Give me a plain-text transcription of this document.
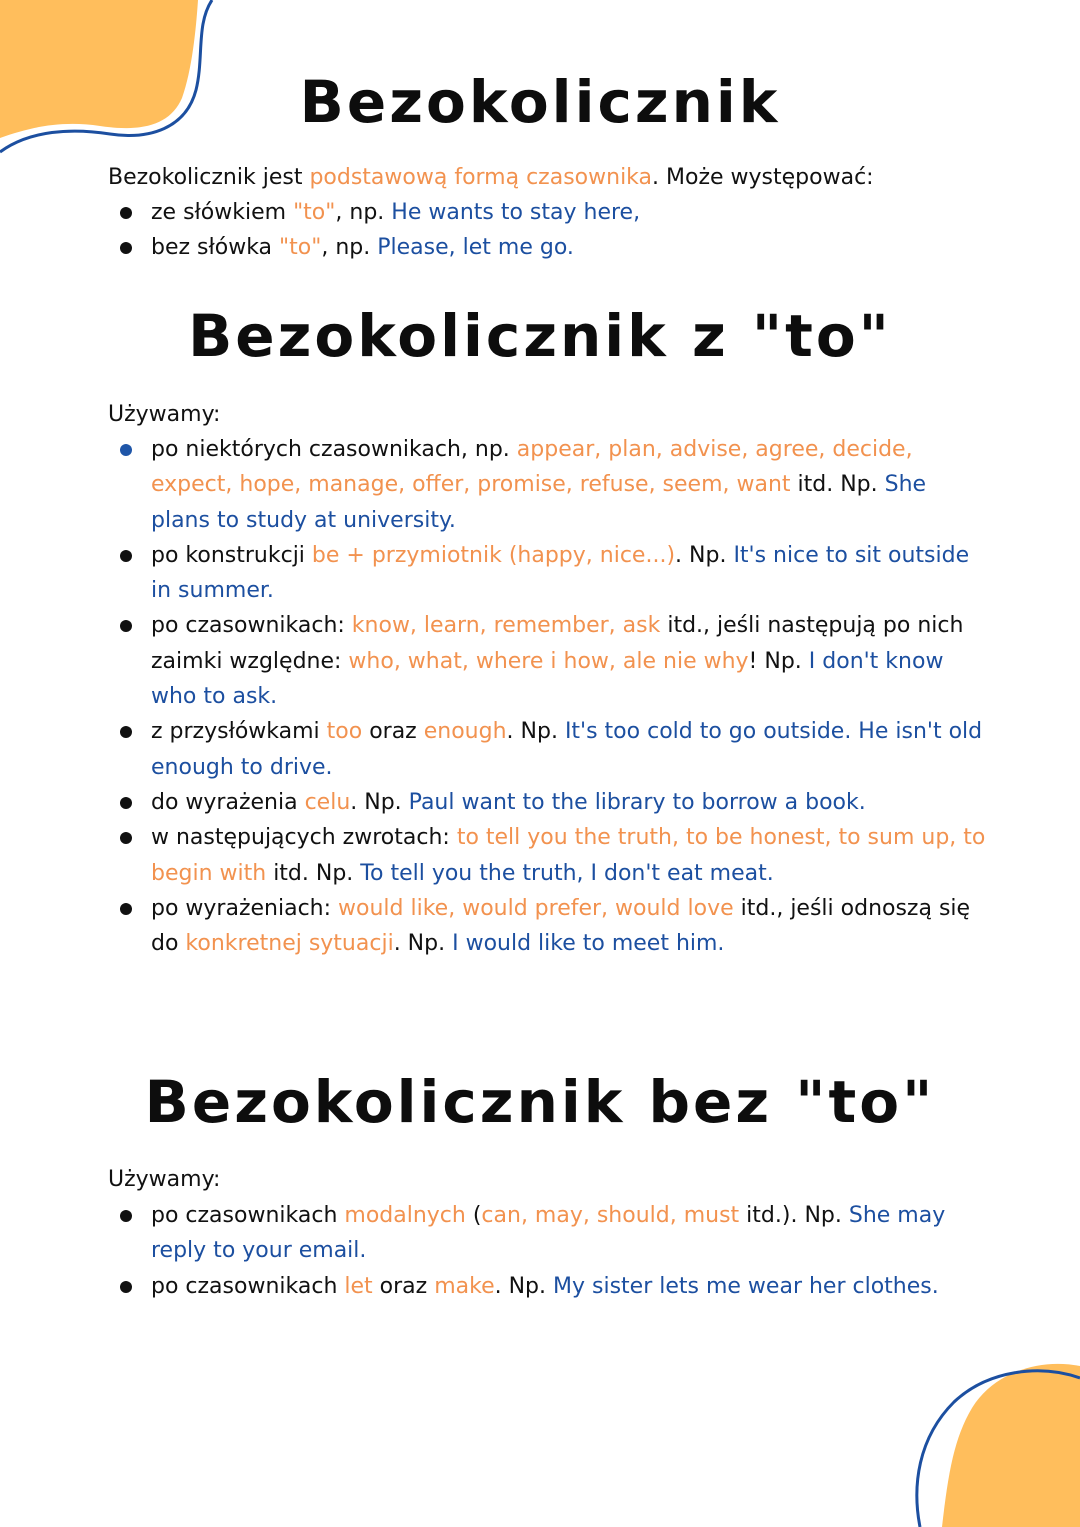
Bezokolicznik

Bezokolicznik jest podstawową formą czasownika. Może występować:

ze słówkiem "to", np. He wants to stay here,
bez słówka "to", np. Please, let me go.
Bezokolicznik z "to"

Używamy:

po niektórych czasownikach, np. appear, plan, advise, agree, decide, expect, hope, manage, offer, promise, refuse, seem, want itd. Np. She plans to study at university.
po konstrukcji be + przymiotnik (happy, nice...). Np. It's nice to sit outside in summer.
po czasownikach: know, learn, remember, ask itd., jeśli następują po nich zaimki względne: who, what, where i how, ale nie why! Np. I don't know who to ask.
z przysłówkami too oraz enough. Np. It's too cold to go outside. He isn't old enough to drive.
do wyrażenia celu. Np. Paul want to the library to borrow a book.
w następujących zwrotach: to tell you the truth, to be honest, to sum up, to begin with itd. Np. To tell you the truth, I don't eat meat.
po wyrażeniach: would like, would prefer, would love itd., jeśli odnoszą się do konkretnej sytuacji. Np. I would like to meet him.
Bezokolicznik bez "to"

Używamy:

po czasownikach modalnych (can, may, should, must itd.). Np. She may reply to your email.
po czasownikach let oraz make. Np. My sister lets me wear her clothes.
